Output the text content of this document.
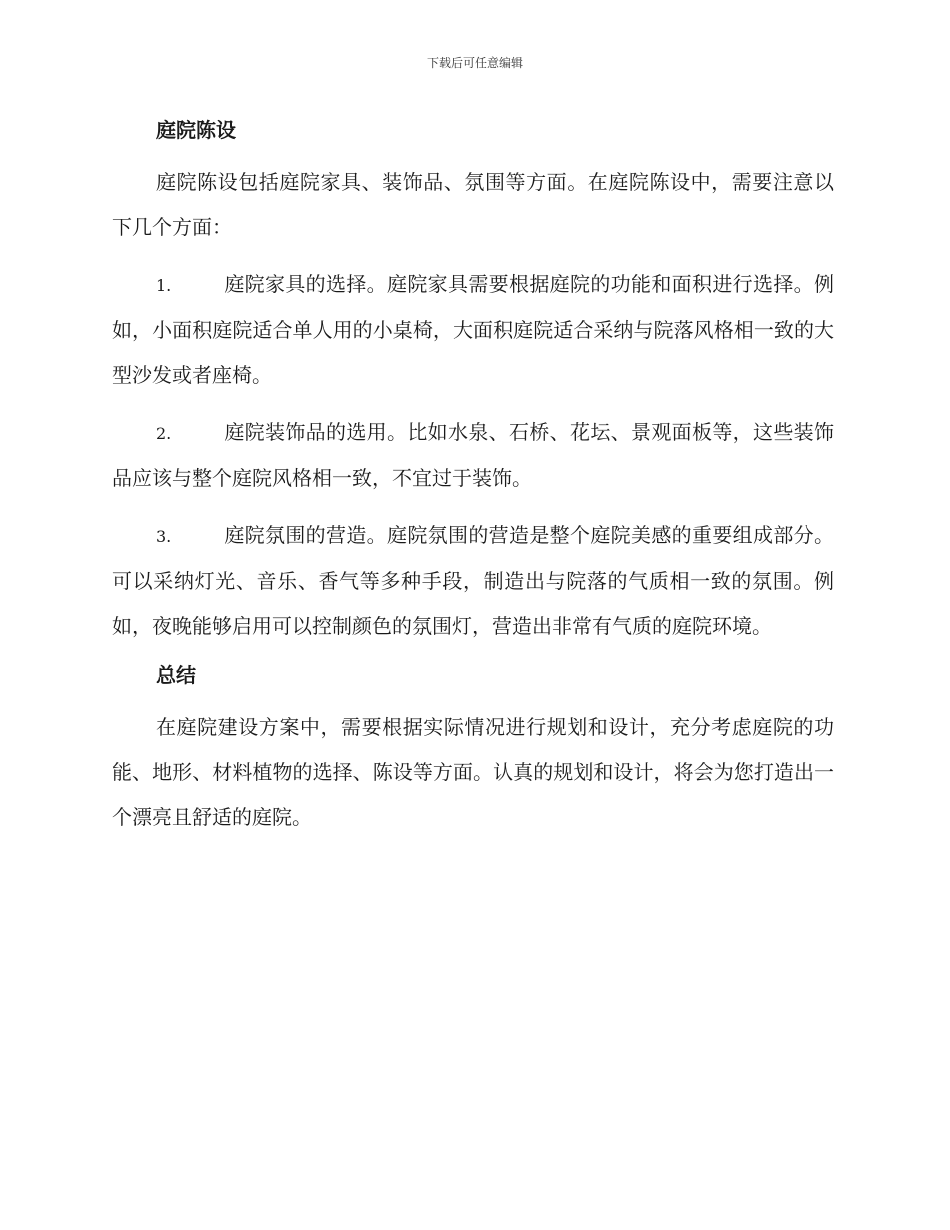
下载后可任意编辑
庭院陈设

庭院陈设包括庭院家具、装饰品、氛围等方面。在庭院陈设中，需要注意以下几个方面：

1.	庭院家具的选择。庭院家具需要根据庭院的功能和面积进行选择。例如，小面积庭院适合单人用的小桌椅，大面积庭院适合采纳与院落风格相一致的大型沙发或者座椅。

2.	庭院装饰品的选用。比如水泉、石桥、花坛、景观面板等，这些装饰品应该与整个庭院风格相一致，不宜过于装饰。

3.	庭院氛围的营造。庭院氛围的营造是整个庭院美感的重要组成部分。可以采纳灯光、音乐、香气等多种手段，制造出与院落的气质相一致的氛围。例如，夜晚能够启用可以控制颜色的氛围灯，营造出非常有气质的庭院环境。

总结

在庭院建设方案中，需要根据实际情况进行规划和设计，充分考虑庭院的功能、地形、材料植物的选择、陈设等方面。认真的规划和设计，将会为您打造出一个漂亮且舒适的庭院。
